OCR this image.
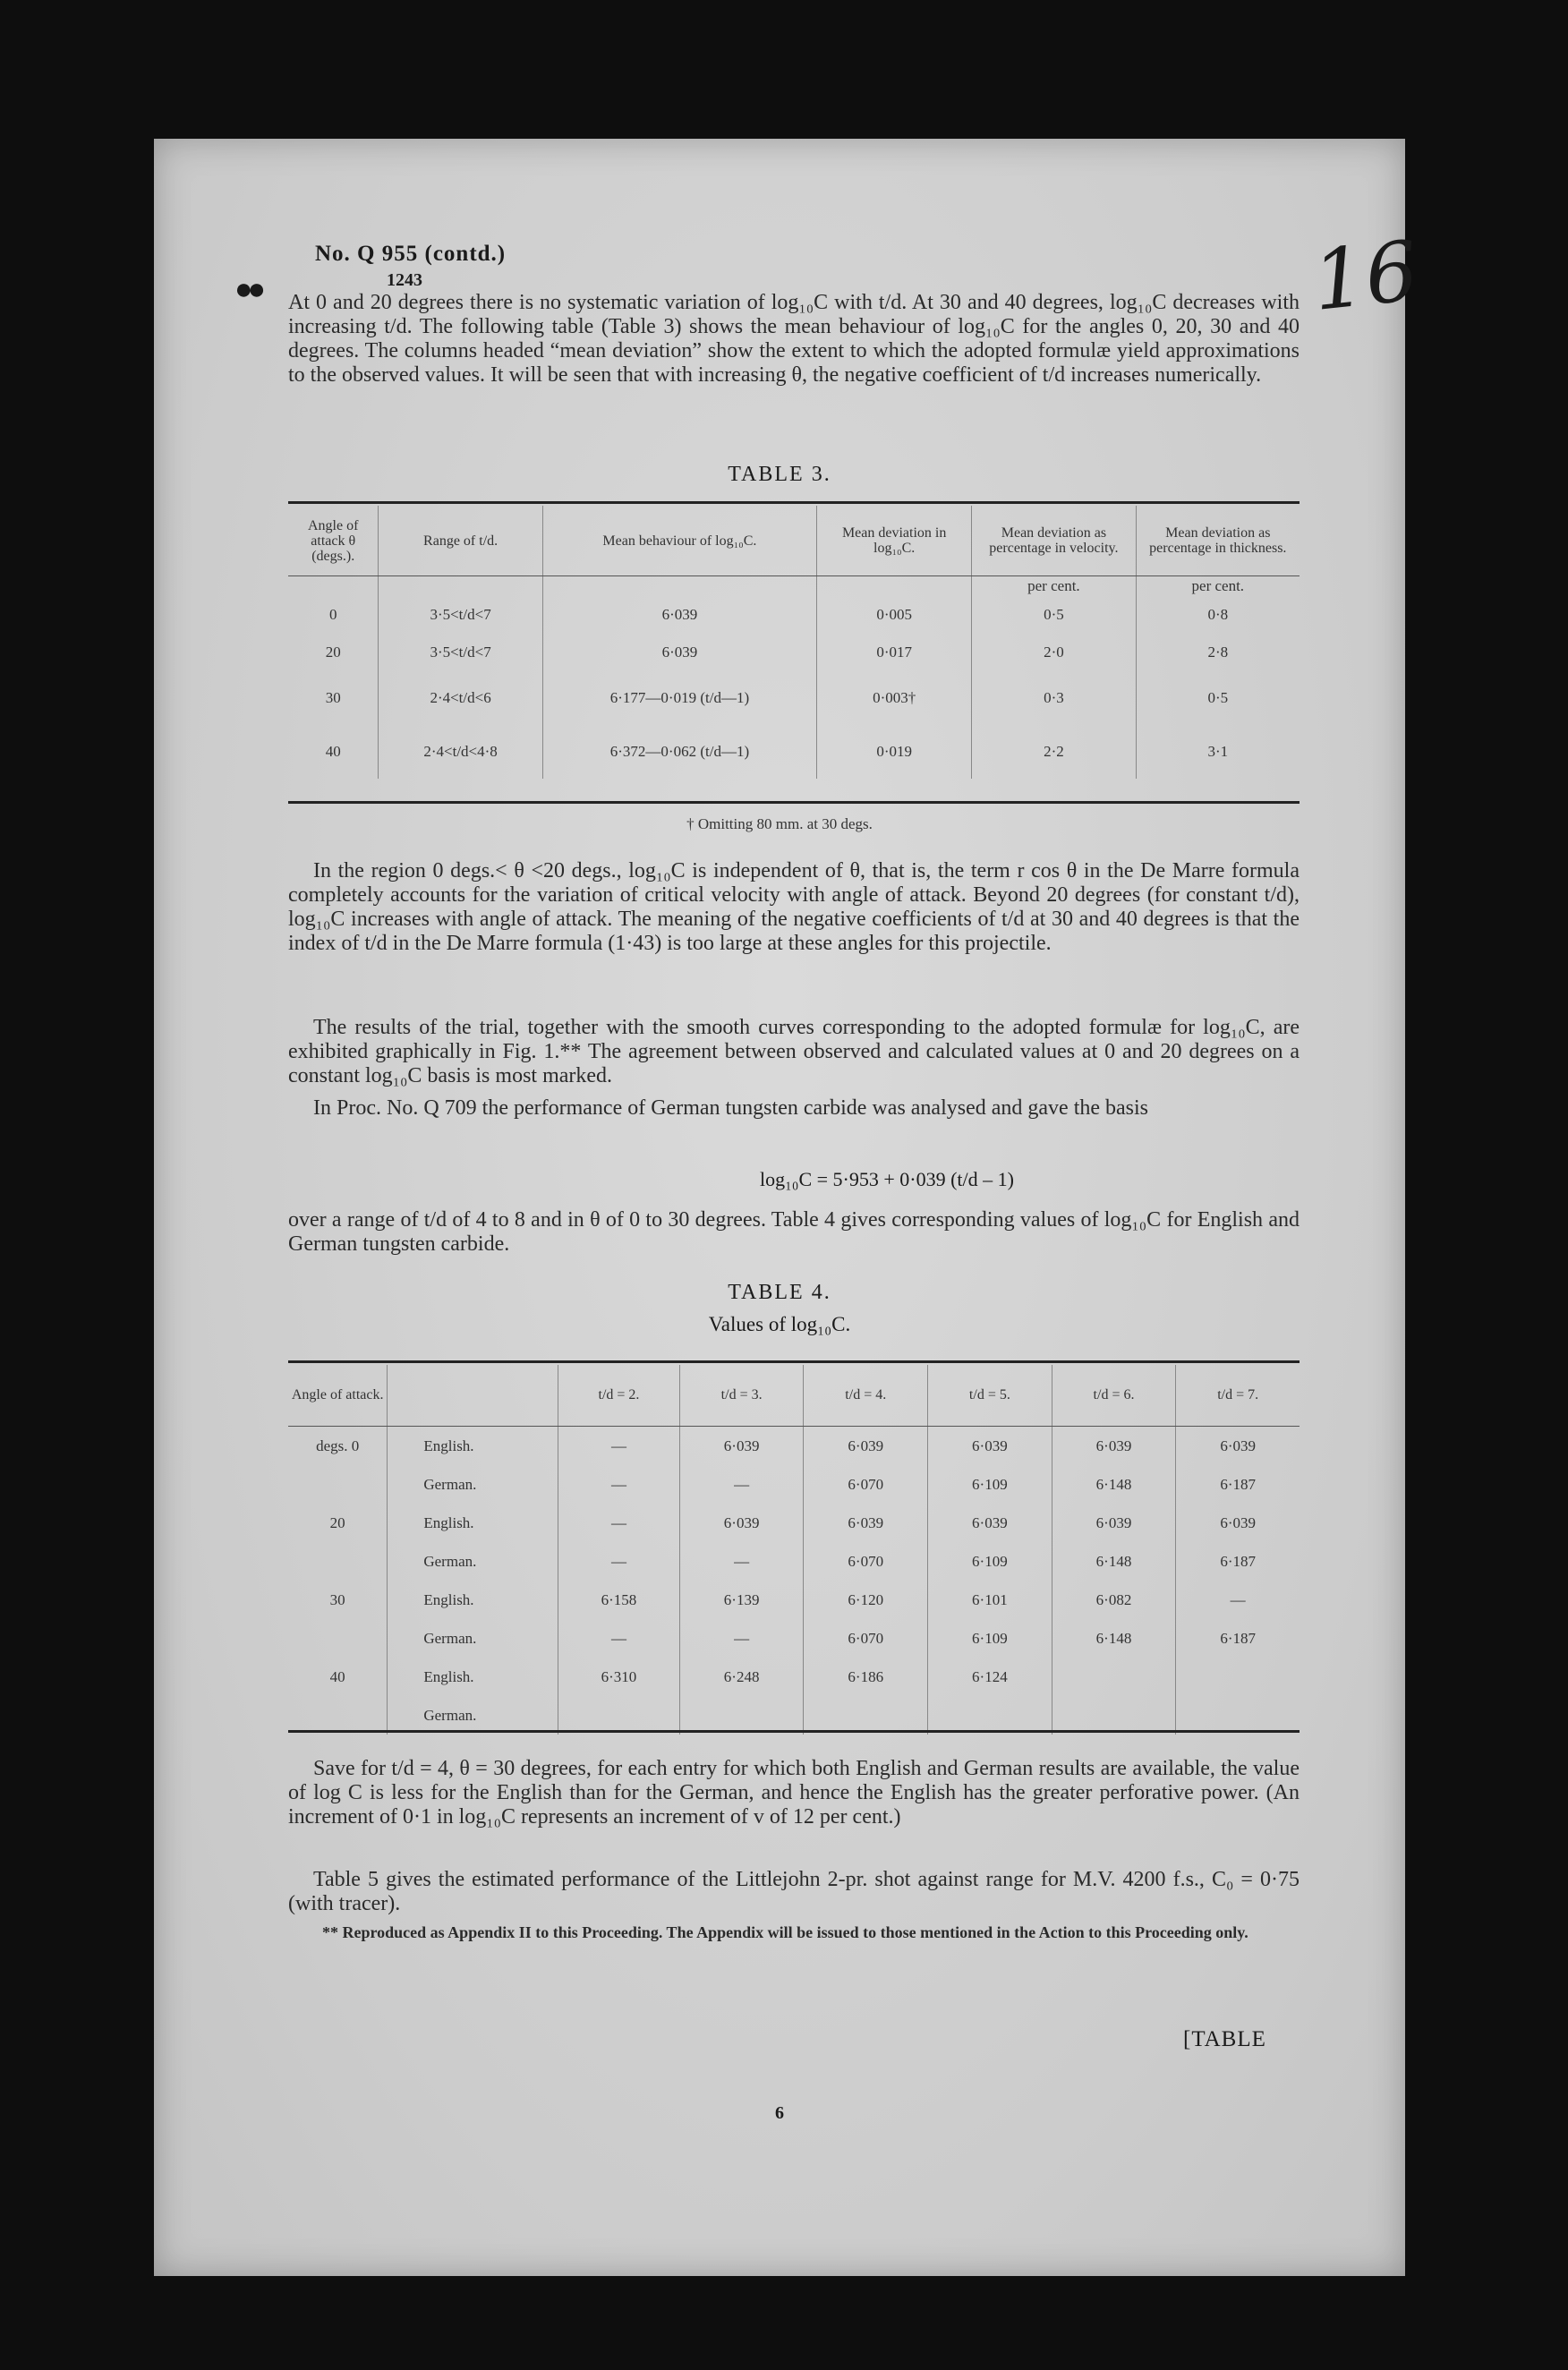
●●
No. Q 955 (contd.)
1243	16
At 0 and 20 degrees there is no systematic variation of log₁₀C with t/d. At 30 and 40 degrees, log₁₀C decreases with increasing t/d. The following table (Table 3) shows the mean behaviour of log₁₀C for the angles 0, 20, 30 and 40 degrees. The columns headed “mean deviation” show the extent to which the adopted formulæ yield approximations to the observed values. It will be seen that with increasing θ, the negative coefficient of t/d increases numerically.
TABLE 3.
Angle of attack θ (degs.).	Range of t/d.	Mean behaviour of log₁₀C.	Mean deviation in log₁₀C.	Mean deviation as percentage in velocity.	Mean deviation as percentage in thickness.
				per cent.	per cent.
0	3·5<t/d<7	6·039	0·005	0·5	0·8
20	3·5<t/d<7	6·039	0·017	2·0	2·8
30	2·4<t/d<6	6·177—0·019 (t/d—1)	0·003†	0·3	0·5
40	2·4<t/d<4·8	6·372—0·062 (t/d—1)	0·019	2·2	3·1
† Omitting 80 mm. at 30 degs.
In the region 0 degs.< θ <20 degs., log₁₀C is independent of θ, that is, the term r cos θ in the De Marre formula completely accounts for the variation of critical velocity with angle of attack. Beyond 20 degrees (for constant t/d), log₁₀C increases with angle of attack. The meaning of the negative coefficients of t/d at 30 and 40 degrees is that the index of t/d in the De Marre formula (1·43) is too large at these angles for this projectile.
The results of the trial, together with the smooth curves corresponding to the adopted formulæ for log₁₀C, are exhibited graphically in Fig. 1.** The agreement between observed and calculated values at 0 and 20 degrees on a constant log₁₀C basis is most marked.
In Proc. No. Q 709 the performance of German tungsten carbide was analysed and gave the basis
log₁₀C = 5·953 + 0·039 (t/d – 1)
over a range of t/d of 4 to 8 and in θ of 0 to 30 degrees. Table 4 gives corresponding values of log₁₀C for English and German tungsten carbide.
TABLE 4.
Values of log₁₀C.
Angle of attack.		t/d = 2.	t/d = 3.	t/d = 4.	t/d = 5.	t/d = 6.	t/d = 7.
degs. 0	English.	—	6·039	6·039	6·039	6·039	6·039
	German.	—	—	6·070	6·109	6·148	6·187
20	English.	—	6·039	6·039	6·039	6·039	6·039
	German.	—	—	6·070	6·109	6·148	6·187
30	English.	6·158	6·139	6·120	6·101	6·082	—
	German.	—	—	6·070	6·109	6·148	6·187
40	English.	6·310	6·248	6·186	6·124		
	German.						
Save for t/d = 4, θ = 30 degrees, for each entry for which both English and German results are available, the value of log C is less for the English than for the German, and hence the English has the greater perforative power. (An increment of 0·1 in log₁₀C represents an increment of v of 12 per cent.)
Table 5 gives the estimated performance of the Littlejohn 2-pr. shot against range for M.V. 4200 f.s., C₀ = 0·75 (with tracer).
** Reproduced as Appendix II to this Proceeding. The Appendix will be issued to those mentioned in the Action to this Proceeding only.
[TABLE
6
